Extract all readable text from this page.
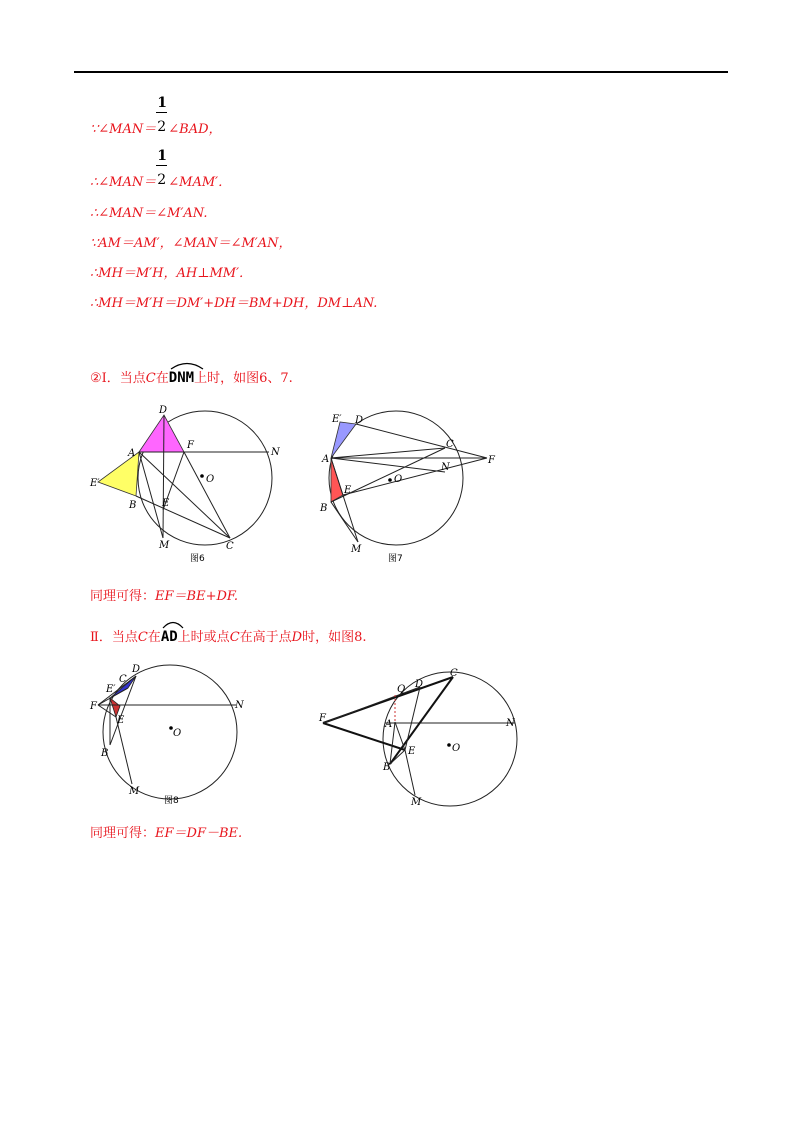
∵∠MAN＝ $\frac{1}{2}$ ∠BAD，
∴∠MAN＝ $\frac{1}{2}$ ∠MAM′．
∴∠MAN＝∠M′AN.
∵AM＝AM′，∠MAN＝∠M′AN，
∴MH＝M′H，AH⊥MM′．
∴MH＝M′H＝DM′+DH＝BM+DH，DM⊥AN.
②Ⅰ．当点C在
DNM上时，如图6、7.
D
A
F
N
E′	O
B	E
M	C
图6
E′ D
C
A
N
F
E
O
B
M
图7
同理可得：EF＝BE+DF.
Ⅱ．当点C在
AD上时或点C在高于点D时，如图8.
D
C
E′
F
E
N
O
B
M
图8
C
Q D
F
A	N
E	O
B
M
同理可得：EF＝DF－BE.
